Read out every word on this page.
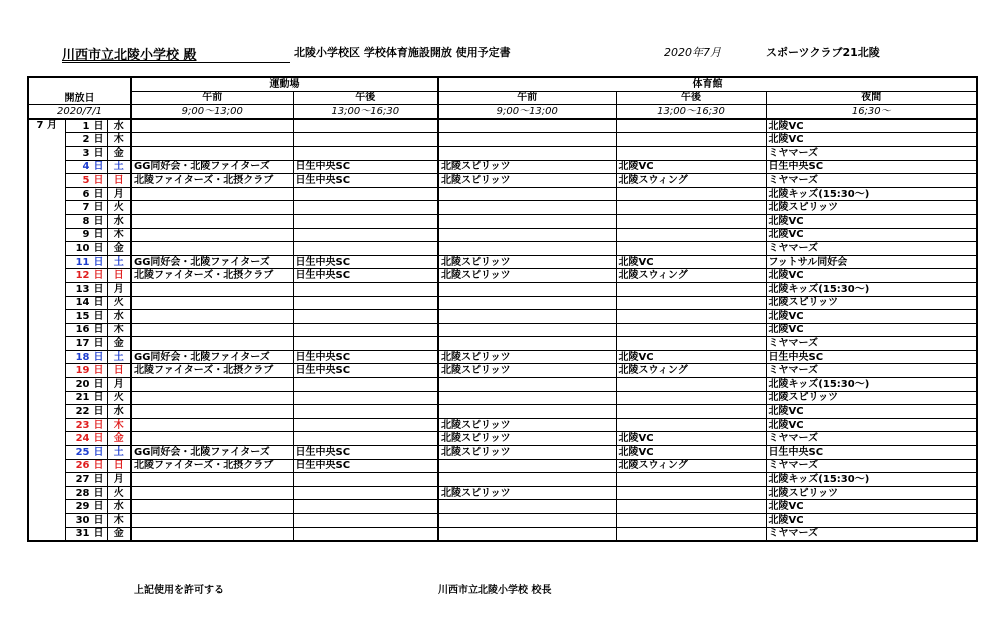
川西市立北陵小学校 殿	北陵小学校区 学校体育施設開放 使用予定書	2020年7月	スポーツクラブ21北陵
開放日			運動場		体育館		
			午前	午後	午前	午後	夜間
2020/7/1			9;00～13;00	13;00～16;30	9;00～13;00	13;00～16;30	16;30～
7 月	1 日	水					北陵VC
	2 日	木					北陵VC
	3 日	金					ミヤマーズ
	4 日	土	GG同好会・北陵ファイターズ	日生中央SC	北陵スピリッツ	北陵VC	日生中央SC
	5 日	日	北陵ファイターズ・北摂クラブ	日生中央SC	北陵スピリッツ	北陵スウィング	ミヤマーズ
	6 日	月					北陵キッズ(15:30～)
	7 日	火					北陵スピリッツ
	8 日	水					北陵VC
	9 日	木					北陵VC
	10 日	金					ミヤマーズ
	11 日	土	GG同好会・北陵ファイターズ	日生中央SC	北陵スピリッツ	北陵VC	フットサル同好会
	12 日	日	北陵ファイターズ・北摂クラブ	日生中央SC	北陵スピリッツ	北陵スウィング	北陵VC
	13 日	月					北陵キッズ(15:30～)
	14 日	火					北陵スピリッツ
	15 日	水					北陵VC
	16 日	木					北陵VC
	17 日	金					ミヤマーズ
	18 日	土	GG同好会・北陵ファイターズ	日生中央SC	北陵スピリッツ	北陵VC	日生中央SC
	19 日	日	北陵ファイターズ・北摂クラブ	日生中央SC	北陵スピリッツ	北陵スウィング	ミヤマーズ
	20 日	月					北陵キッズ(15:30～)
	21 日	火					北陵スピリッツ
	22 日	水					北陵VC
	23 日	木			北陵スピリッツ		北陵VC
	24 日	金			北陵スピリッツ	北陵VC	ミヤマーズ
	25 日	土	GG同好会・北陵ファイターズ	日生中央SC	北陵スピリッツ	北陵VC	日生中央SC
	26 日	日	北陵ファイターズ・北摂クラブ	日生中央SC		北陵スウィング	ミヤマーズ
	27 日	月					北陵キッズ(15:30～)
	28 日	火			北陵スピリッツ		北陵スピリッツ
	29 日	水					北陵VC
	30 日	木					北陵VC
	31 日	金					ミヤマーズ
上記使用を許可する	川西市立北陵小学校 校長
